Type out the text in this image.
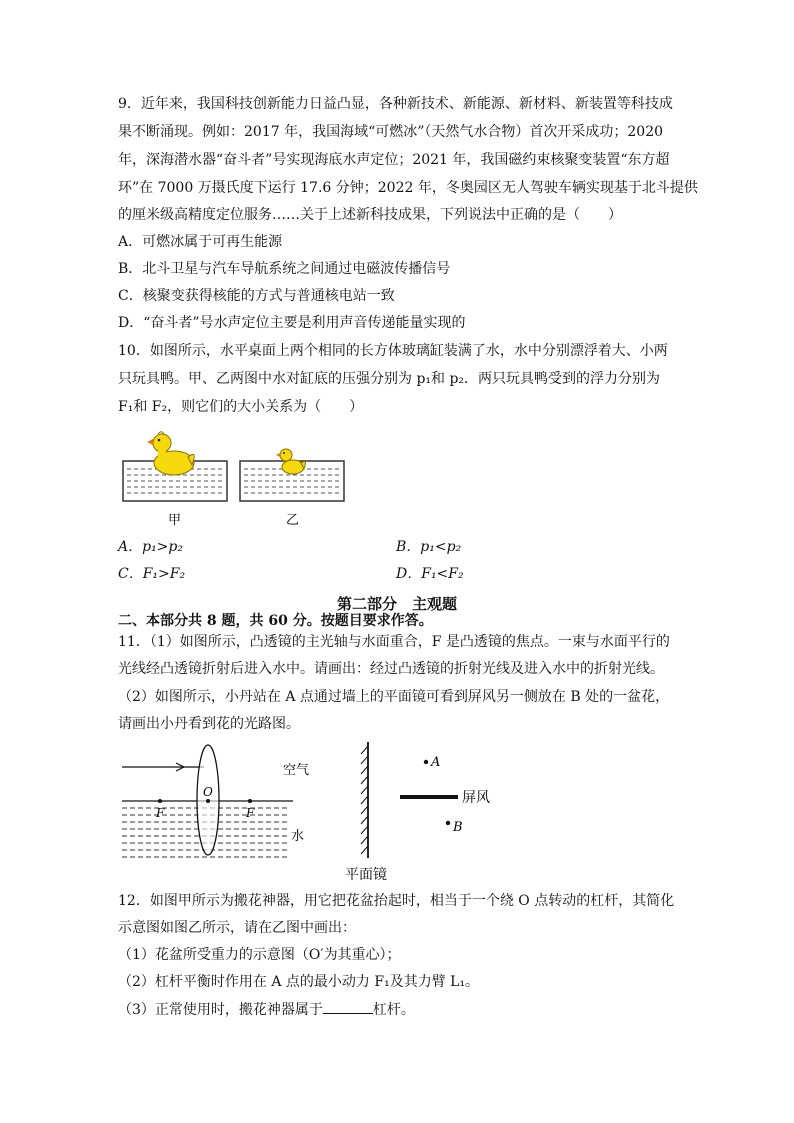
9．近年来，我国科技创新能力日益凸显，各种新技术、新能源、新材料、新装置等科技成
果不断涌现。例如：2017 年，我国海域“可燃冰”（天然气水合物）首次开采成功；2020
年，深海潜水器“奋斗者”号实现海底水声定位；2021 年，我国磁约束核聚变装置“东方超
环”在 7000 万摄氏度下运行 17.6 分钟；2022 年，冬奥园区无人驾驶车辆实现基于北斗提供
的厘米级高精度定位服务……关于上述新科技成果，下列说法中正确的是（　　）
A．可燃冰属于可再生能源
B．北斗卫星与汽车导航系统之间通过电磁波传播信号
C．核聚变获得核能的方式与普通核电站一致
D．“奋斗者”号水声定位主要是利用声音传递能量实现的
10．如图所示，水平桌面上两个相同的长方体玻璃缸装满了水，水中分别漂浮着大、小两
只玩具鸭。甲、乙两图中水对缸底的压强分别为 p₁和 p₂．两只玩具鸭受到的浮力分别为
F₁和 F₂，则它们的大小关系为（　　）
甲	乙
A．p₁>p₂	B．p₁<p₂
C．F₁>F₂	D．F₁<F₂
第二部分　主观题
二、本部分共 8 题，共 60 分。按题目要求作答。
11．（1）如图所示，凸透镜的主光轴与水面重合，F 是凸透镜的焦点。一束与水面平行的
光线经凸透镜折射后进入水中。请画出：经过凸透镜的折射光线及进入水中的折射光线。
（2）如图所示，小丹站在 A 点通过墙上的平面镜可看到屏风另一侧放在 B 处的一盆花，
请画出小丹看到花的光路图。
O
F	F
空气
水
A
屏风
B
平面镜
12．如图甲所示为搬花神器，用它把花盆抬起时，相当于一个绕 O 点转动的杠杆，其简化
示意图如图乙所示，请在乙图中画出：
（1）花盆所受重力的示意图（O′为其重心）；
（2）杠杆平衡时作用在 A 点的最小动力 F₁及其力臂 L₁。
（3）正常使用时，搬花神器属于	杠杆。
